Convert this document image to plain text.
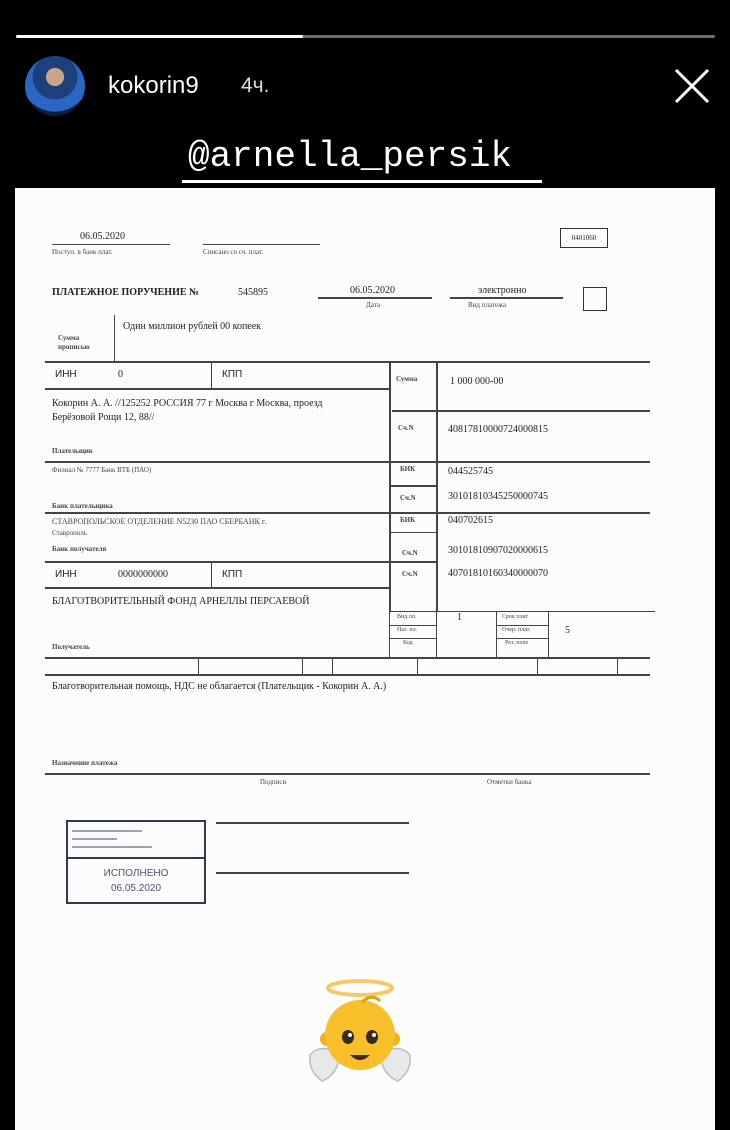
kokorin9 4ч.
@arnella_persik
06.05.2020
Поступ. в банк плат.	Списано со сч. плат.
0401060
ПЛАТЕЖНОЕ ПОРУЧЕНИЕ №	545895	06.05.2020
Дата
электронно
Вид платежа
Сумма прописью
Один миллион рублей 00 копеек
ИНН	0	КПП	Сумма	1 000 000-00
Кокорин А. А. //125252 РОССИЯ 77 г Москва г Москва, проезд
Берёзовой Рощи 12, 88//
Сч.N	40817810000724000815
Плательщик
Филиал № 7777 Банк ВТБ (ПАО)	БИК	044525745
Сч.N	30101810345250000745
Банк плательщика
СТАВРОПОЛЬСКОЕ ОТДЕЛЕНИЕ N5230 ПАО СБЕРБАНК г.
Ставрополь
БИК	040702615
Банк получателя	Сч.N	30101810907020000615
ИНН	0000000000	КПП	Сч.N	40701810160340000070
БЛАГОТВОРИТЕЛЬНЫЙ ФОНД АРНЕЛЛЫ ПЕРСАЕВОЙ
Вид оп.	1
Наз. пл.
Код
Срок плат.
Очер. плат.	5
Рез. поле
Получатель
Благотворительная помощь, НДС не облагается (Плательщик - Кокорин А. А.)
Назначение платежа
Подписи	Отметки банка
ИСПОЛНЕНО
06.05.2020
